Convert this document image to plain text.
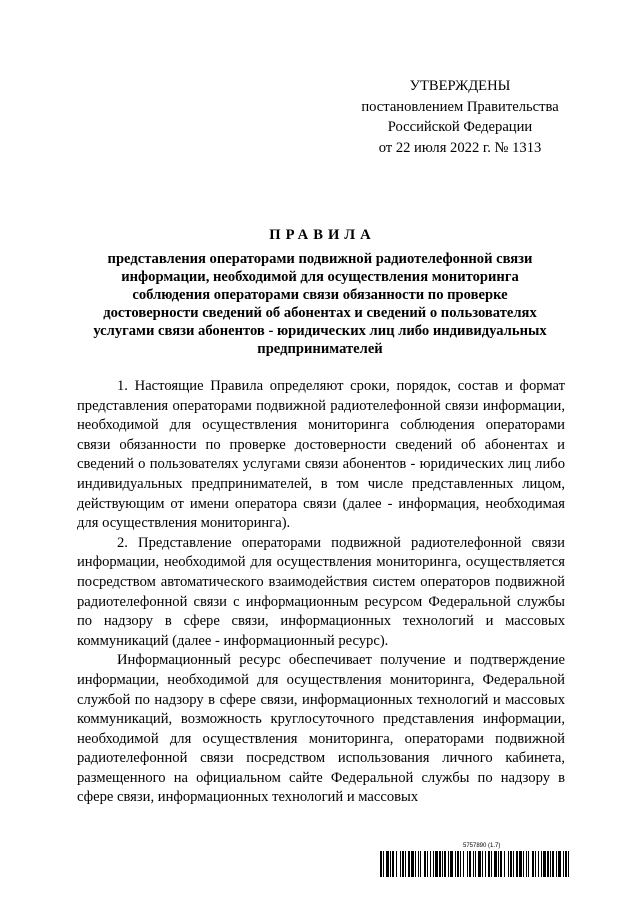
УТВЕРЖДЕНЫ
постановлением Правительства
Российской Федерации
от 22 июля 2022 г. № 1313
ПРАВИЛА
представления операторами подвижной радиотелефонной связи
информации, необходимой для осуществления мониторинга
соблюдения операторами связи обязанности по проверке
достоверности сведений об абонентах и сведений о пользователях
услугами связи абонентов - юридических лиц либо индивидуальных
предпринимателей

1. Настоящие Правила определяют сроки, порядок, состав и формат представления операторами подвижной радиотелефонной связи информации, необходимой для осуществления мониторинга соблюдения операторами связи обязанности по проверке достоверности сведений об абонентах и сведений о пользователях услугами связи абонентов - юридических лиц либо индивидуальных предпринимателей, в том числе представленных лицом, действующим от имени оператора связи (далее - информация, необходимая для осуществления мониторинга).

2. Представление операторами подвижной радиотелефонной связи информации, необходимой для осуществления мониторинга, осуществляется посредством автоматического взаимодействия систем операторов подвижной радиотелефонной связи с информационным ресурсом Федеральной службы по надзору в сфере связи, информационных технологий и массовых коммуникаций (далее - информационный ресурс).

Информационный ресурс обеспечивает получение и подтверждение информации, необходимой для осуществления мониторинга, Федеральной службой по надзору в сфере связи, информационных технологий и массовых коммуникаций, возможность круглосуточного представления информации, необходимой для осуществления мониторинга, операторами подвижной радиотелефонной связи посредством использования личного кабинета, размещенного на официальном сайте Федеральной службы по надзору в сфере связи, информационных технологий и массовых

5757890 (1.7)
